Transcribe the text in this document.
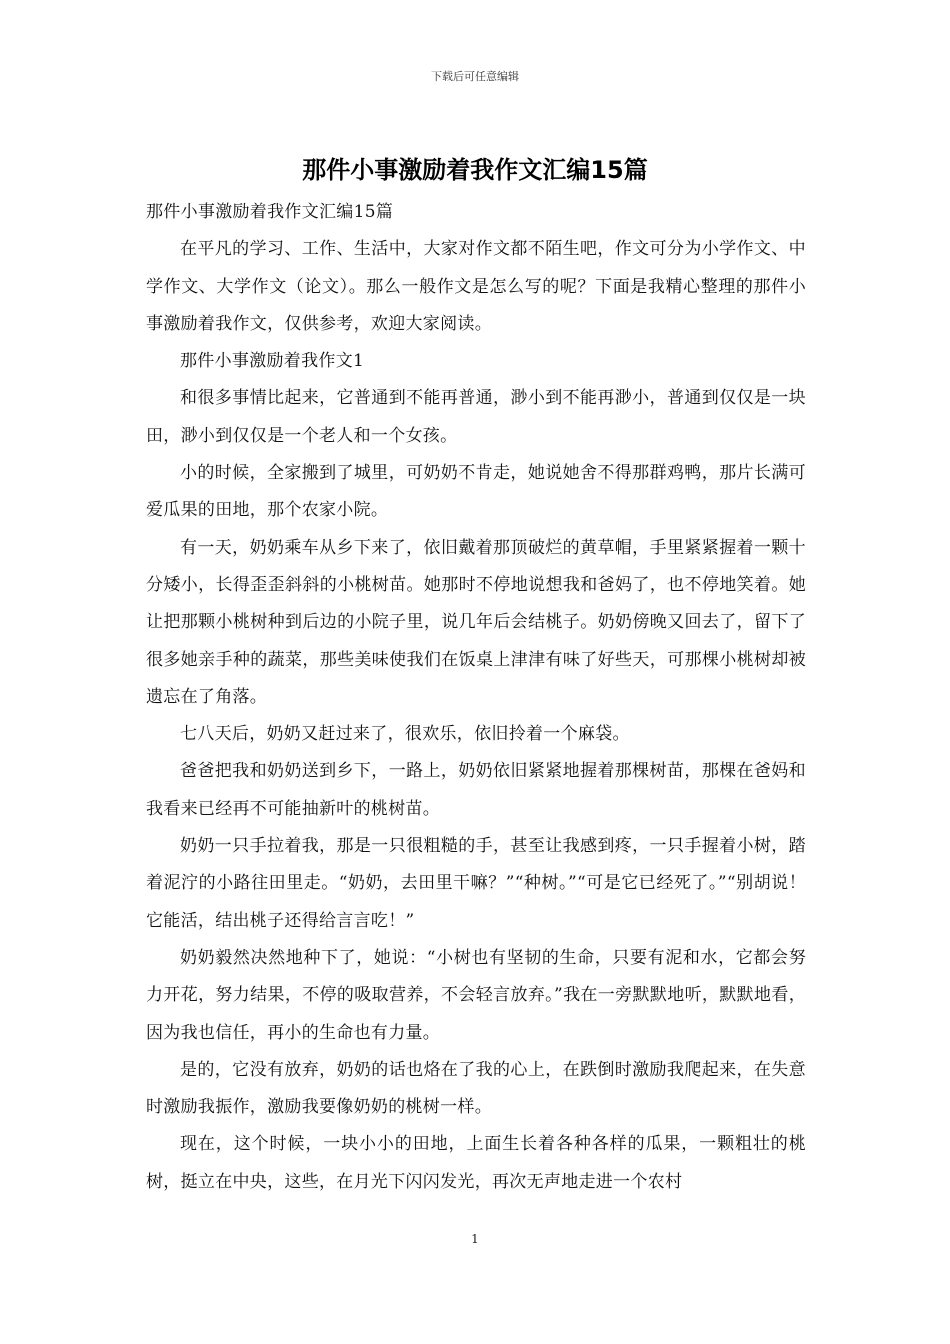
下载后可任意编辑
那件小事激励着我作文汇编15篇

那件小事激励着我作文汇编15篇

在平凡的学习、工作、生活中，大家对作文都不陌生吧，作文可分为小学作文、中学作文、大学作文（论文）。那么一般作文是怎么写的呢？下面是我精心整理的那件小事激励着我作文，仅供参考，欢迎大家阅读。

那件小事激励着我作文1

和很多事情比起来，它普通到不能再普通，渺小到不能再渺小，普通到仅仅是一块田，渺小到仅仅是一个老人和一个女孩。

小的时候，全家搬到了城里，可奶奶不肯走，她说她舍不得那群鸡鸭，那片长满可爱瓜果的田地，那个农家小院。

有一天，奶奶乘车从乡下来了，依旧戴着那顶破烂的黄草帽，手里紧紧握着一颗十分矮小，长得歪歪斜斜的小桃树苗。她那时不停地说想我和爸妈了，也不停地笑着。她让把那颗小桃树种到后边的小院子里，说几年后会结桃子。奶奶傍晚又回去了，留下了很多她亲手种的蔬菜，那些美味使我们在饭桌上津津有味了好些天，可那棵小桃树却被遗忘在了角落。

七八天后，奶奶又赶过来了，很欢乐，依旧拎着一个麻袋。

爸爸把我和奶奶送到乡下，一路上，奶奶依旧紧紧地握着那棵树苗，那棵在爸妈和我看来已经再不可能抽新叶的桃树苗。

奶奶一只手拉着我，那是一只很粗糙的手，甚至让我感到疼，一只手握着小树，踏着泥泞的小路往田里走。“奶奶，去田里干嘛？”“种树。”“可是它已经死了。”“别胡说！它能活，结出桃子还得给言言吃！”

奶奶毅然决然地种下了，她说：“小树也有坚韧的生命，只要有泥和水，它都会努力开花，努力结果，不停的吸取营养，不会轻言放弃。”我在一旁默默地听，默默地看，因为我也信任，再小的生命也有力量。

是的，它没有放弃，奶奶的话也烙在了我的心上，在跌倒时激励我爬起来，在失意时激励我振作，激励我要像奶奶的桃树一样。

现在，这个时候，一块小小的田地，上面生长着各种各样的瓜果，一颗粗壮的桃树，挺立在中央，这些，在月光下闪闪发光，再次无声地走进一个农村

1
